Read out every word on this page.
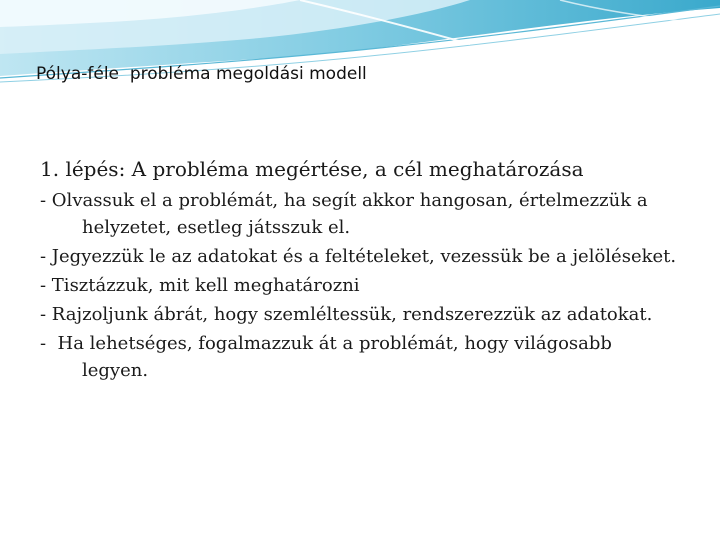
Pólya-féle  probléma megoldási modell

1. lépés: A probléma megértése, a cél meghatározása

- Olvassuk el a problémát, ha segít akkor hangosan, értelmezzük a helyzetet, esetleg játsszuk el.
- Jegyezzük le az adatokat és a feltételeket, vezessük be a jelöléseket.
- Tisztázzuk, mit kell meghatározni
- Rajzoljunk ábrát, hogy szemléltessük, rendszerezzük az adatokat.
-  Ha lehetséges, fogalmazzuk át a problémát, hogy világosabb legyen.
